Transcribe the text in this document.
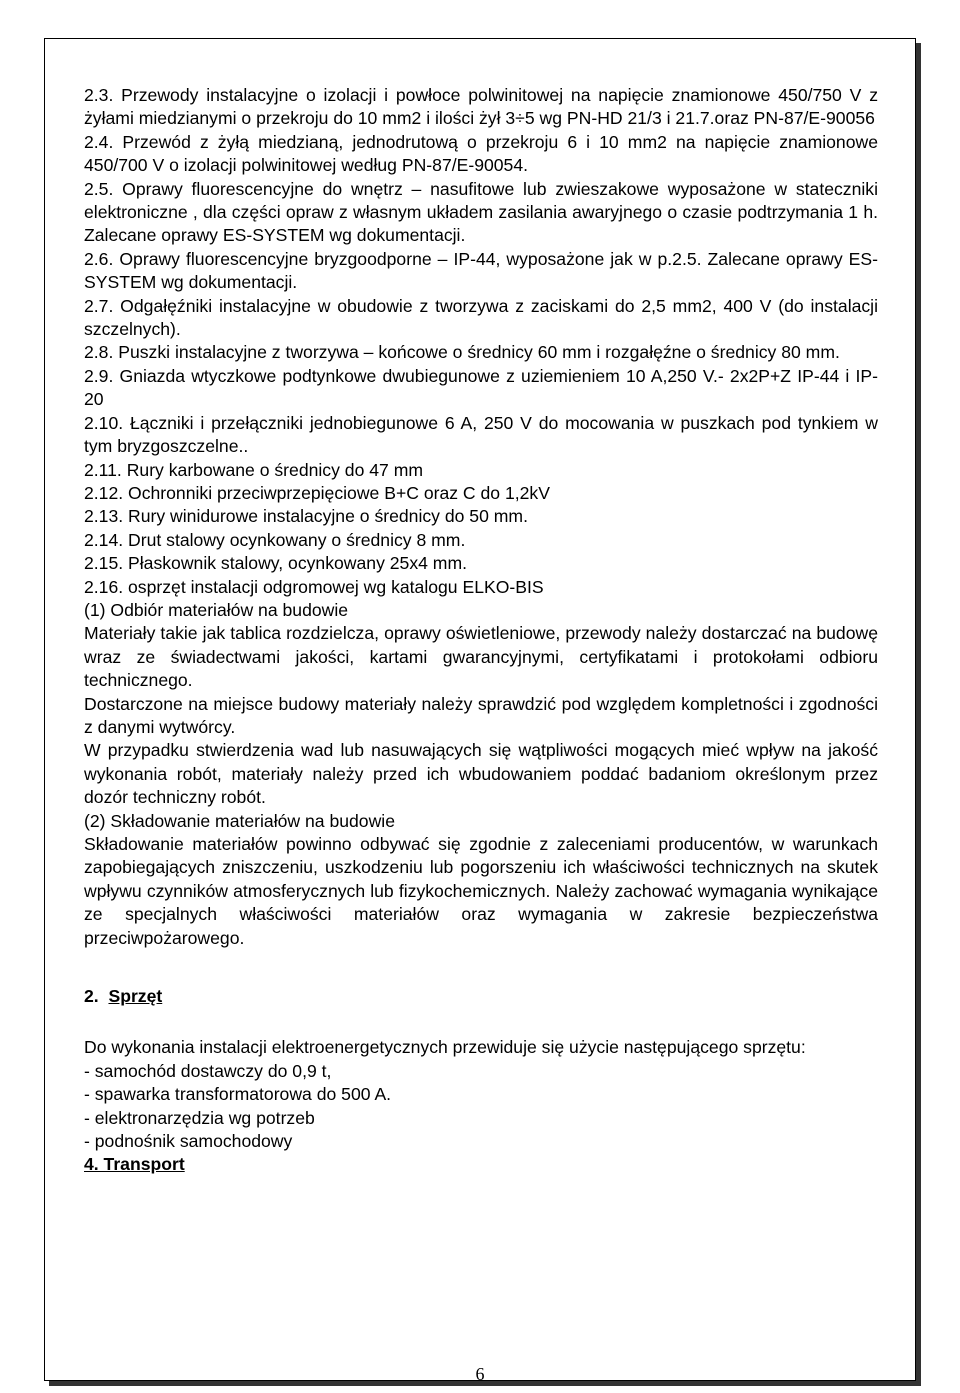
2.3. Przewody instalacyjne o izolacji i powłoce polwinitowej na napięcie znamionowe 450/750 V z żyłami miedzianymi o przekroju do 10 mm2 i ilości żył 3÷5 wg PN-HD 21/3 i 21.7.oraz PN-87/E-90056

2.4. Przewód z żyłą miedzianą, jednodrutową o przekroju 6 i 10 mm2 na napięcie znamionowe 450/700 V o izolacji polwinitowej według PN-87/E-90054.

2.5. Oprawy fluorescencyjne do wnętrz – nasufitowe lub zwieszakowe wyposażone w stateczniki elektroniczne , dla części opraw z własnym układem zasilania awaryjnego o czasie podtrzymania 1 h. Zalecane oprawy ES-SYSTEM wg dokumentacji.

2.6. Oprawy fluorescencyjne bryzgoodporne – IP-44, wyposażone jak w p.2.5. Zalecane oprawy ES-SYSTEM wg dokumentacji.

2.7. Odgałęźniki instalacyjne w obudowie z tworzywa z zaciskami do 2,5 mm2, 400 V (do instalacji szczelnych).

2.8. Puszki instalacyjne z tworzywa – końcowe o średnicy 60 mm i rozgałęźne o średnicy 80 mm.

2.9. Gniazda wtyczkowe podtynkowe dwubiegunowe z uziemieniem 10 A,250 V.- 2x2P+Z IP-44 i IP-20

2.10. Łączniki i przełączniki jednobiegunowe 6 A, 250 V do mocowania w puszkach pod tynkiem w tym bryzgoszczelne..

2.11. Rury karbowane o średnicy do 47 mm

2.12. Ochronniki przeciwprzepięciowe B+C oraz C do 1,2kV

2.13. Rury winidurowe instalacyjne o średnicy do 50 mm.

2.14. Drut stalowy ocynkowany o średnicy 8 mm.

2.15. Płaskownik stalowy, ocynkowany 25x4 mm.

2.16. osprzęt instalacji odgromowej wg katalogu ELKO-BIS

(1) Odbiór materiałów na budowie

Materiały takie jak tablica rozdzielcza, oprawy oświetleniowe, przewody należy dostarczać na budowę wraz ze świadectwami jakości, kartami gwarancyjnymi, certyfikatami i protokołami odbioru technicznego.

Dostarczone na miejsce budowy materiały należy sprawdzić pod względem kompletności i zgodności z danymi wytwórcy.

W przypadku stwierdzenia wad lub nasuwających się wątpliwości mogących mieć wpływ na jakość wykonania robót, materiały należy przed ich wbudowaniem poddać badaniom określonym przez dozór techniczny robót.

(2) Składowanie materiałów na budowie

Składowanie materiałów powinno odbywać się zgodnie z zaleceniami producentów, w warunkach zapobiegających zniszczeniu, uszkodzeniu lub pogorszeniu ich właściwości technicznych na skutek wpływu czynników atmosferycznych lub fizykochemicznych. Należy zachować wymagania wynikające ze specjalnych właściwości materiałów oraz wymagania w zakresie bezpieczeństwa przeciwpożarowego.

2. Sprzęt

Do wykonania instalacji elektroenergetycznych przewiduje się użycie następującego sprzętu:

- samochód dostawczy do 0,9 t,

- spawarka transformatorowa do 500 A.

- elektronarzędzia wg potrzeb

- podnośnik samochodowy

4. Transport

6
